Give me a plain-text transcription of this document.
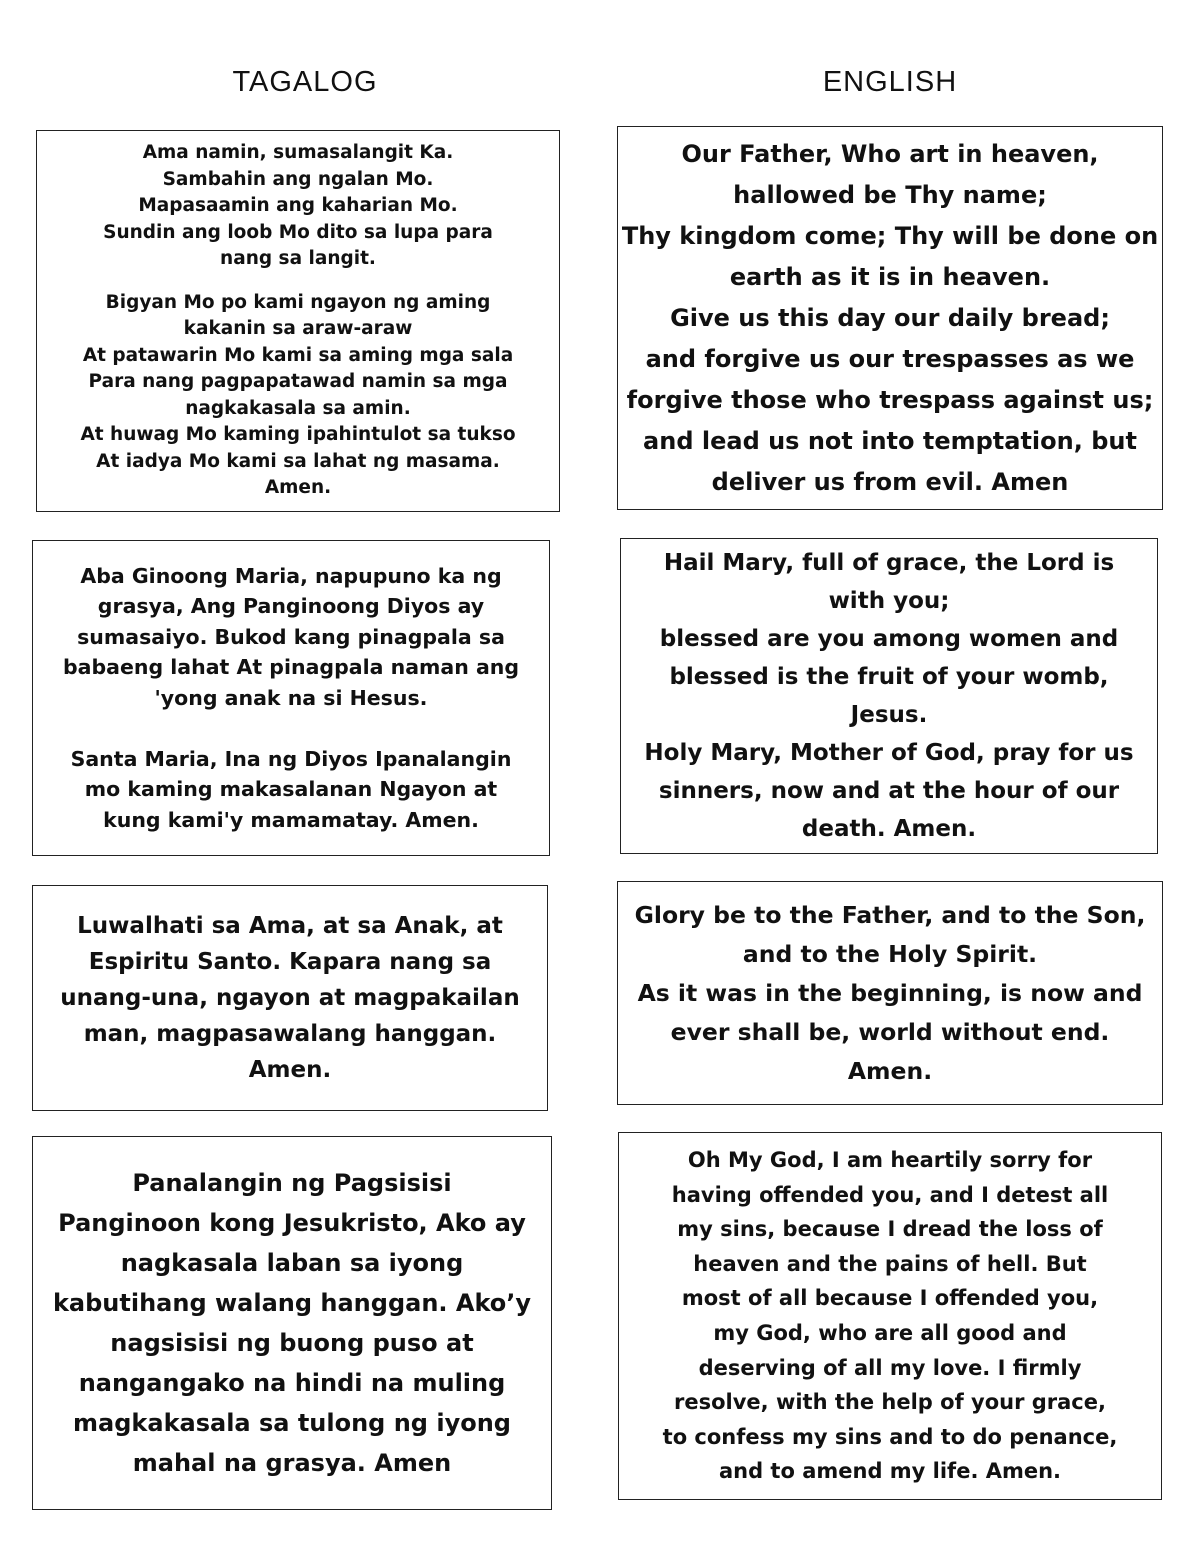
TAGALOG	ENGLISH

Ama namin, sumasalangit Ka.

Sambahin ang ngalan Mo.

Mapasaamin ang kaharian Mo.

Sundin ang loob Mo dito sa lupa para

nang sa langit.

Bigyan Mo po kami ngayon ng aming

kakanin sa araw-araw

At patawarin Mo kami sa aming mga sala

Para nang pagpapatawad namin sa mga

nagkakasala sa amin.

At huwag Mo kaming ipahintulot sa tukso

At iadya Mo kami sa lahat ng masama.

Amen.

Our Father, Who art in heaven,

hallowed be Thy name;

Thy kingdom come; Thy will be done on

earth as it is in heaven.

Give us this day our daily bread;

and forgive us our trespasses as we

forgive those who trespass against us;

and lead us not into temptation, but

deliver us from evil. Amen

Aba Ginoong Maria, napupuno ka ng

grasya, Ang Panginoong Diyos ay

sumasaiyo. Bukod kang pinagpala sa

babaeng lahat At pinagpala naman ang

'yong anak na si Hesus.

Santa Maria, Ina ng Diyos Ipanalangin

mo kaming makasalanan Ngayon at

kung kami'y mamamatay. Amen.

Hail Mary, full of grace, the Lord is

with you;

blessed are you among women and

blessed is the fruit of your womb,

Jesus.

Holy Mary, Mother of God, pray for us

sinners, now and at the hour of our

death. Amen.

Luwalhati sa Ama, at sa Anak, at

Espiritu Santo. Kapara nang sa

unang-una, ngayon at magpakailan

man, magpasawalang hanggan.

Amen.

Glory be to the Father, and to the Son,

and to the Holy Spirit.

As it was in the beginning, is now and

ever shall be, world without end.

Amen.

Panalangin ng Pagsisisi

Panginoon kong Jesukristo, Ako ay

nagkasala laban sa iyong

kabutihang walang hanggan. Ako’y

nagsisisi ng buong puso at

nangangako na hindi na muling

magkakasala sa tulong ng iyong

mahal na grasya. Amen

Oh My God, I am heartily sorry for

having offended you, and I detest all

my sins, because I dread the loss of

heaven and the pains of hell. But

most of all because I offended you,

my God, who are all good and

deserving of all my love. I firmly

resolve, with the help of your grace,

to confess my sins and to do penance,

and to amend my life. Amen.
